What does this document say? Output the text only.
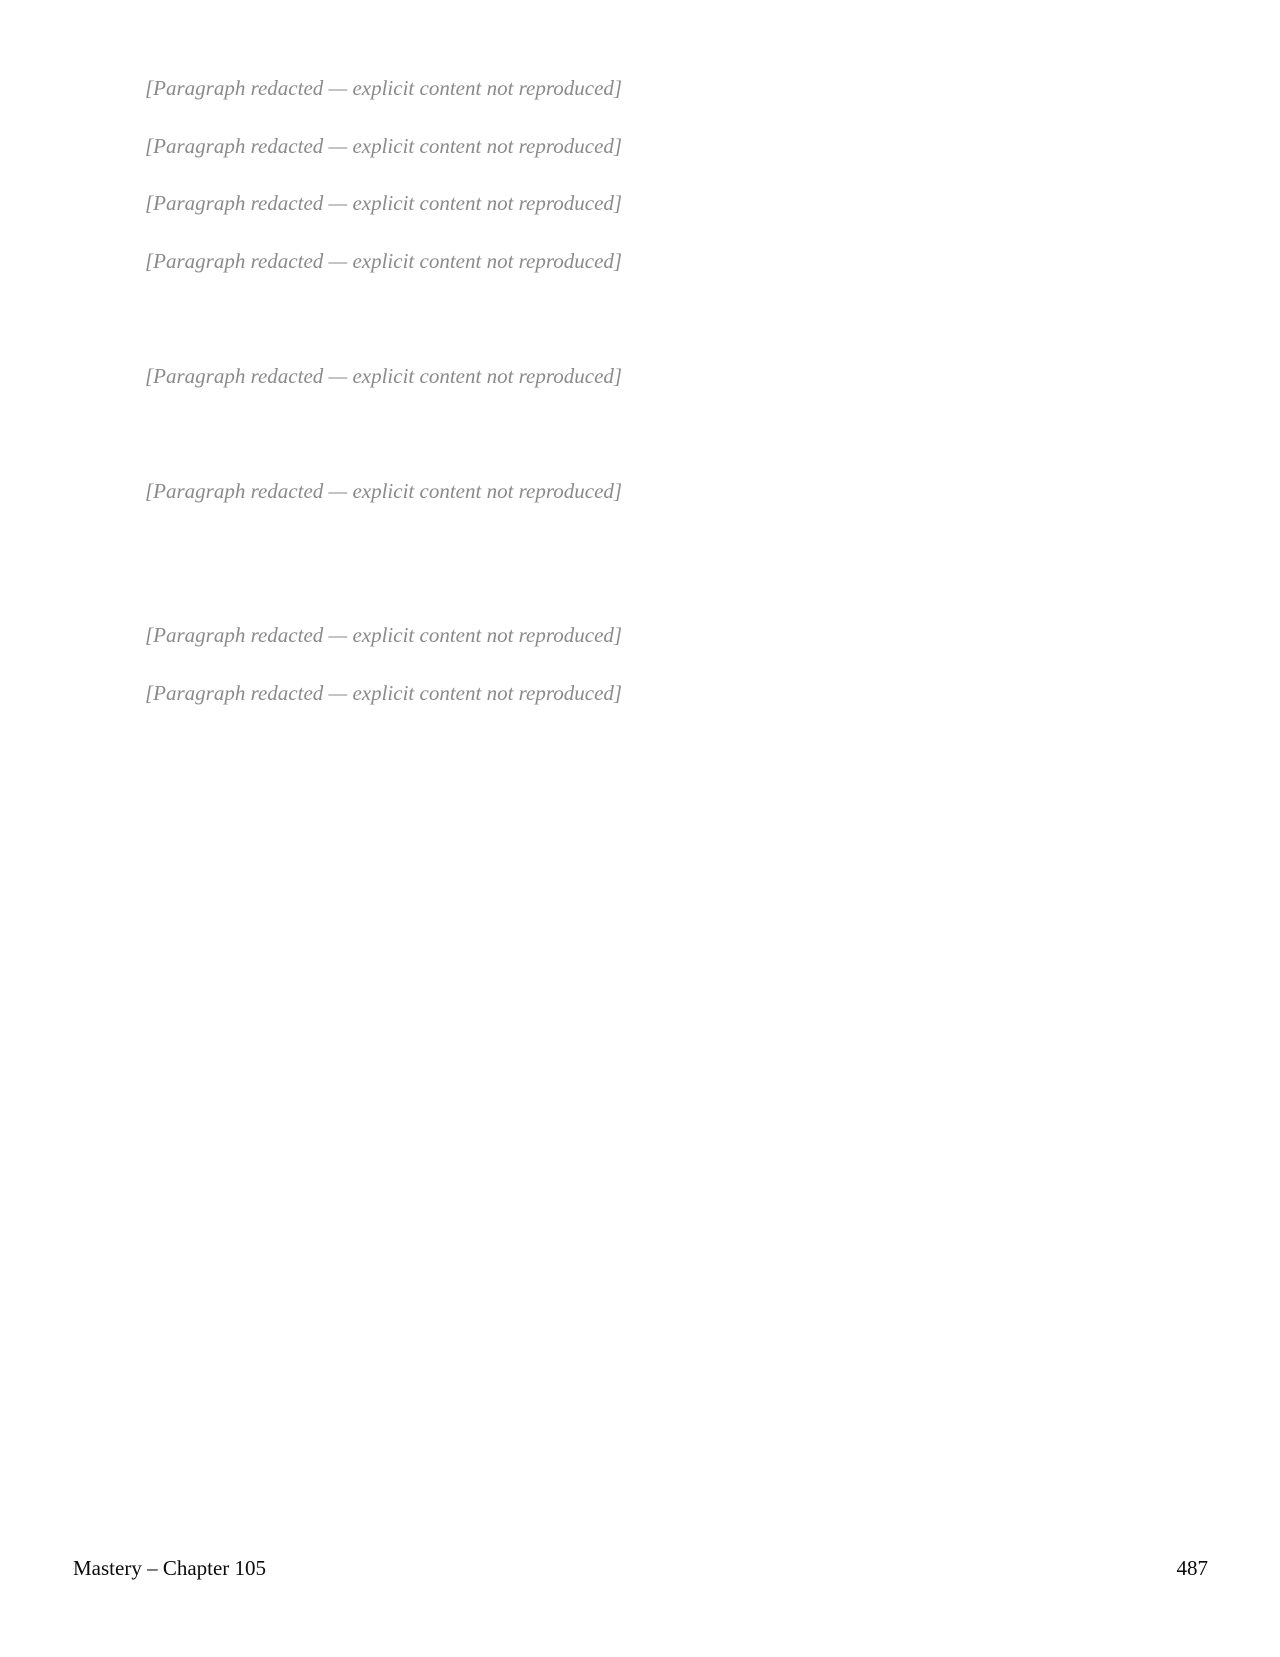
[Paragraph redacted — explicit content not reproduced]
[Paragraph redacted — explicit content not reproduced]
[Paragraph redacted — explicit content not reproduced]
[Paragraph redacted — explicit content not reproduced]
[Paragraph redacted — explicit content not reproduced]
[Paragraph redacted — explicit content not reproduced]
[Paragraph redacted — explicit content not reproduced]
[Paragraph redacted — explicit content not reproduced]
Mastery – Chapter 105	487
